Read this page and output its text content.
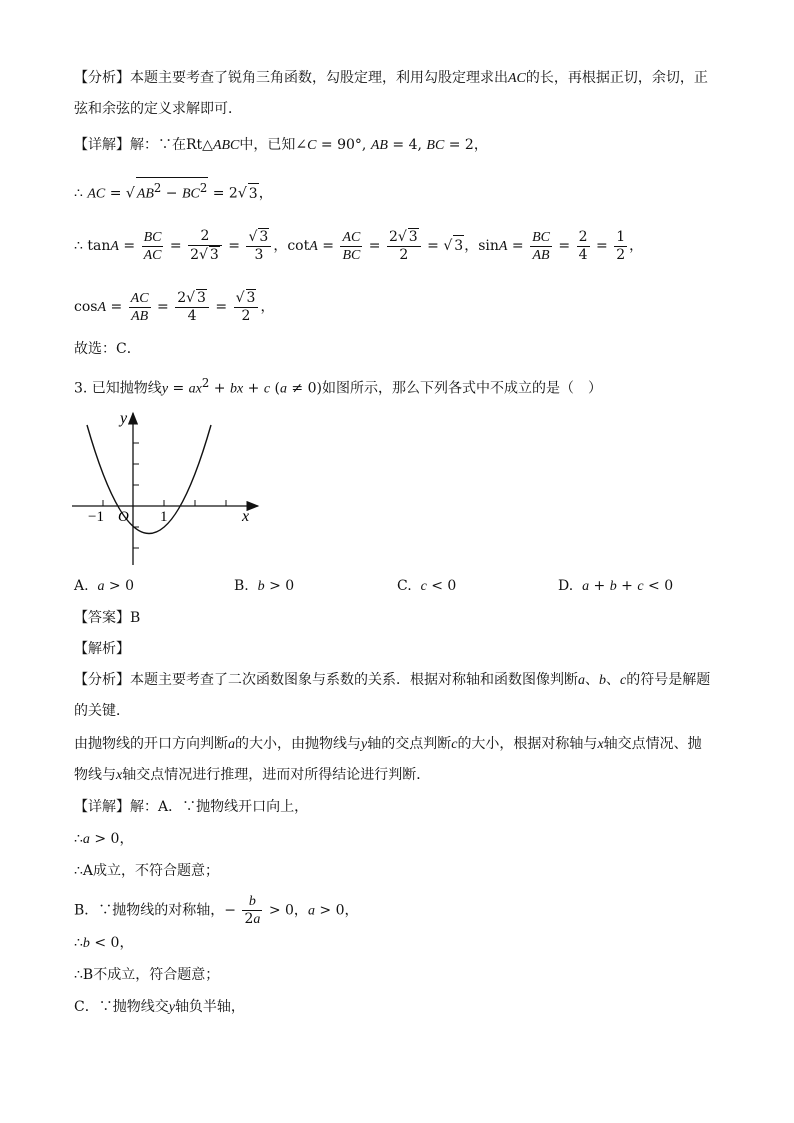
【分析】本题主要考查了锐角三角函数，勾股定理，利用勾股定理求出AC的长，再根据正切，余切，正
弦和余弦的定义求解即可．
【详解】解：∵在Rt△ABC中，已知∠C = 90°, AB = 4, BC = 2，
∴ AC = √ $AB^2 - BC^2 = 2√$ 3，
∴ $\tan A = \frac{BC}{AC} = \frac{2}{2√ 3} = \frac{√ 3}{3}$ ，$\cot A = \frac{AC}{BC} = \frac{2√ 3}{2}$ = √ 3，$\sin A = \frac{BC}{AB} = \frac{2}{4} = \frac{1}{2}$ ，
$\cos A = \frac{AC}{AB} = \frac{2√ 3}{4} = \frac{√ 3}{2}$ ，
故选：C．
3. 已知抛物线$y = ax^2$ + bx + c (a ≠ 0)如图所示，那么下列各式中不成立的是（　）
y
x
O
−1	1
A.  a > 0	B.  b > 0	C.  c < 0	D.  a + b + c < 0
【答案】B
【解析】
【分析】本题主要考查了二次函数图象与系数的关系．根据对称轴和函数图像判断a、b、c的符号是解题
的关键．
由抛物线的开口方向判断a的大小，由抛物线与y轴的交点判断c的大小，根据对称轴与x轴交点情况、抛
物线与x轴交点情况进行推理，进而对所得结论进行判断．
【详解】解：A．∵抛物线开口向上，
∴a > 0，
∴A成立，不符合题意；
B．∵抛物线的对称轴，− $\frac{b}{2a} > 0$，a > 0，
∴b < 0，
∴B不成立，符合题意；
C．∵抛物线交y轴负半轴，
